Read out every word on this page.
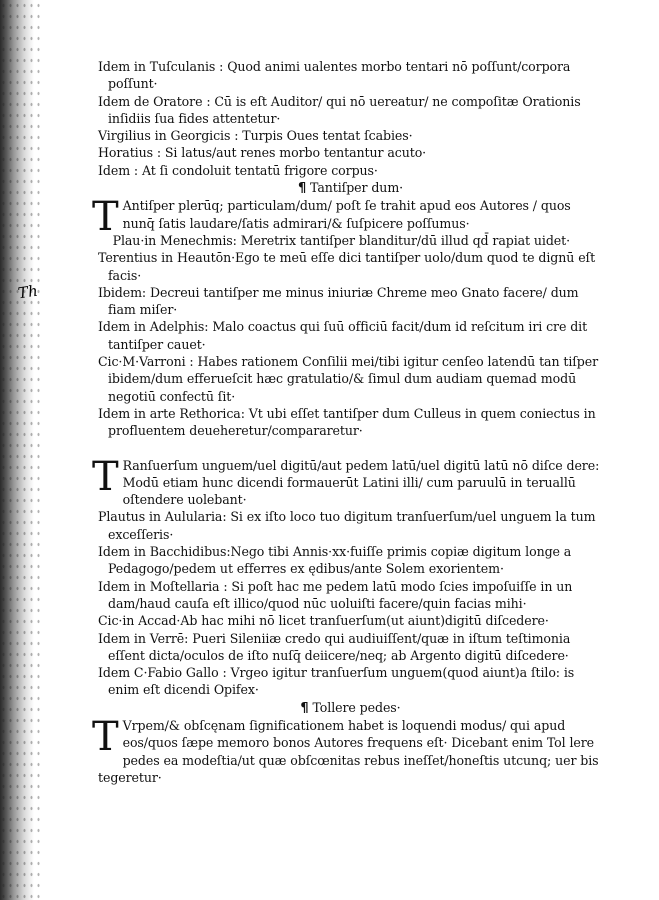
Th

Idem in Tuſculanis : Quod animi ualentes morbo tentari nō poſſunt/corpora poſſunt·

Idem de Oratore : Cū is eſt Auditor/ qui nō uereatur/ ne compoſitæ Orationis inſidiis ſua fides attentetur·

Virgilius in Georgicis : Turpis Oues tentat ſcabies·

Horatius : Si latus/aut renes morbo tentantur acuto·

Idem : At ſi condoluit tentatū frigore corpus·

¶ Tantiſper dum·

T Antiſper plerūq; particulam/dum/ poſt ſe trahit apud eos Autores / quos nunq̄ ſatis laudare/ſatis admirari/& ſuſpicere poſſumus·

Plau·in Menechmis: Meretrix tantiſper blanditur/dū illud qd̄ rapiat uidet·

Terentius in Heautōn·Ego te meū eſſe dici tantiſper uolo/dum quod te dignū eſt facis·

Ibidem: Decreui tantiſper me minus iniuriæ Chreme meo Gnato facere/ dum fiam miſer·

Idem in Adelphis: Malo coactus qui ſuū officiū facit/dum id reſcitum iri cre dit tantiſper cauet·

Cic·M·Varroni : Habes rationem Conſilii mei/tibi igitur cenſeo latendū tan tiſper ibidem/dum efferueſcit hæc gratulatio/& ſimul dum audiam quemad modū negotiū confectū ſit·

Idem in arte Rethorica: Vt ubi eſſet tantiſper dum Culleus in quem coniectus in profluentem deueheretur/compararetur·

T Ranſuerſum unguem/uel digitū/aut pedem latū/uel digitū latū nō diſce dere: Modū etiam hunc dicendi formauerūt Latini illi/ cum paruulū in teruallū oſtendere uolebant·

Plautus in Aulularia: Si ex iſto loco tuo digitum tranſuerſum/uel unguem la tum exceſſeris·

Idem in Bacchidibus:Nego tibi Annis·xx·fuiſſe primis copiæ digitum longe a Pedagogo/pedem ut efferres ex ędibus/ante Solem exorientem·

Idem in Moſtellaria : Si poſt hac me pedem latū modo ſcies impoſuiſſe in un dam/haud cauſa eſt illico/quod nūc uoluiſti facere/quin facias mihi·

Cic·in Accad·Ab hac mihi nō licet tranſuerſum(ut aiunt)digitū diſcedere·

Idem in Verrē: Pueri Sileniiæ credo qui audiuiſſent/quæ in iſtum teſtimonia eſſent dicta/oculos de iſto nuſq̄ deiicere/neq; ab Argento digitū diſcedere·

Idem C·Fabio Gallo : Vrgeo igitur tranſuerſum unguem(quod aiunt)a ſtilo: is enim eſt dicendi Opifex·

¶ Tollere pedes·

T Vrpem/& obſcęnam ſignificationem habet is loquendi modus/ qui apud eos/quos ſæpe memoro bonos Autores frequens eſt· Dicebant enim Tol lere pedes ea modeſtia/ut quæ obſcœnitas rebus ineſſet/honeſtis utcunq; uer bis tegeretur·
